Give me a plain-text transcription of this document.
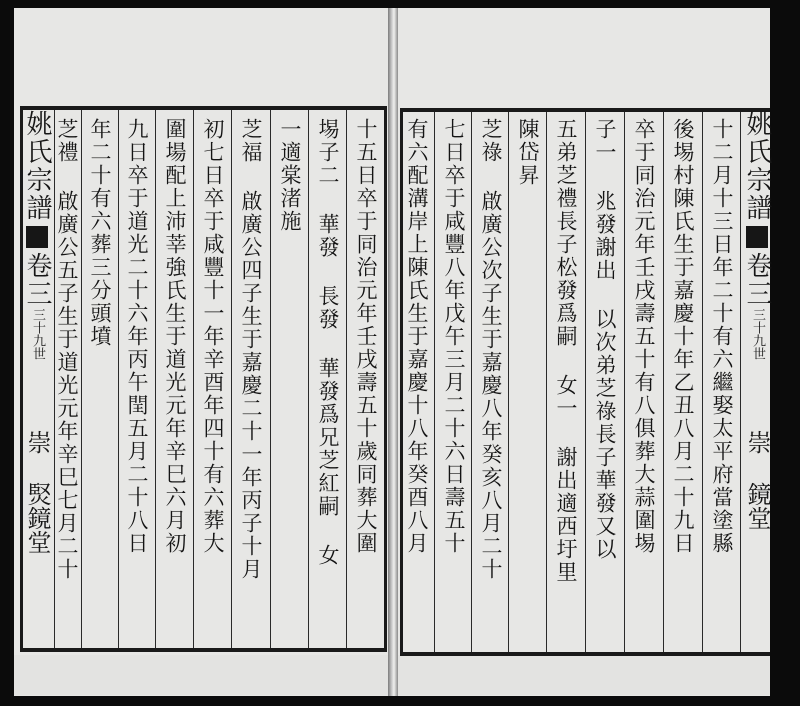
姚氏宗譜卷三三十九世崇 㷂鏡堂 芝禮 啟廣公五子生于道光元年辛巳七月二十 年二十有六葬三分頭墳 九日卒于道光二十六年丙午閏五月二十八日 圍場配上沛莘強氏生于道光元年辛巳六月初 初七日卒于咸豐十一年辛酉年四十有六葬大 芝福 啟廣公四子生于嘉慶二十一年丙子十月 一適棠渚施 埸子二 華發 長發 華發爲兄芝紅嗣 女 十五日卒于同治元年壬戌壽五十歲同葬大圍 有六配溝岸上陳氏生于嘉慶十八年癸酉八月 七日卒于咸豐八年戊午三月二十六日壽五十 芝祿 啟廣公次子生于嘉慶八年癸亥八月二十 陳岱昇 五弟芝禮長子松發爲嗣 女一 謝出適西圩里 子一 兆發謝出 以次弟芝祿長子華發又以 卒于同治元年壬戌壽五十有八俱葬大蒜圍埸 後埸村陳氏生于嘉慶十年乙丑八月二十九日 十二月十三日年二十有六繼娶太平府當塗縣 姚氏宗譜卷三三十九世崇 鏡堂
